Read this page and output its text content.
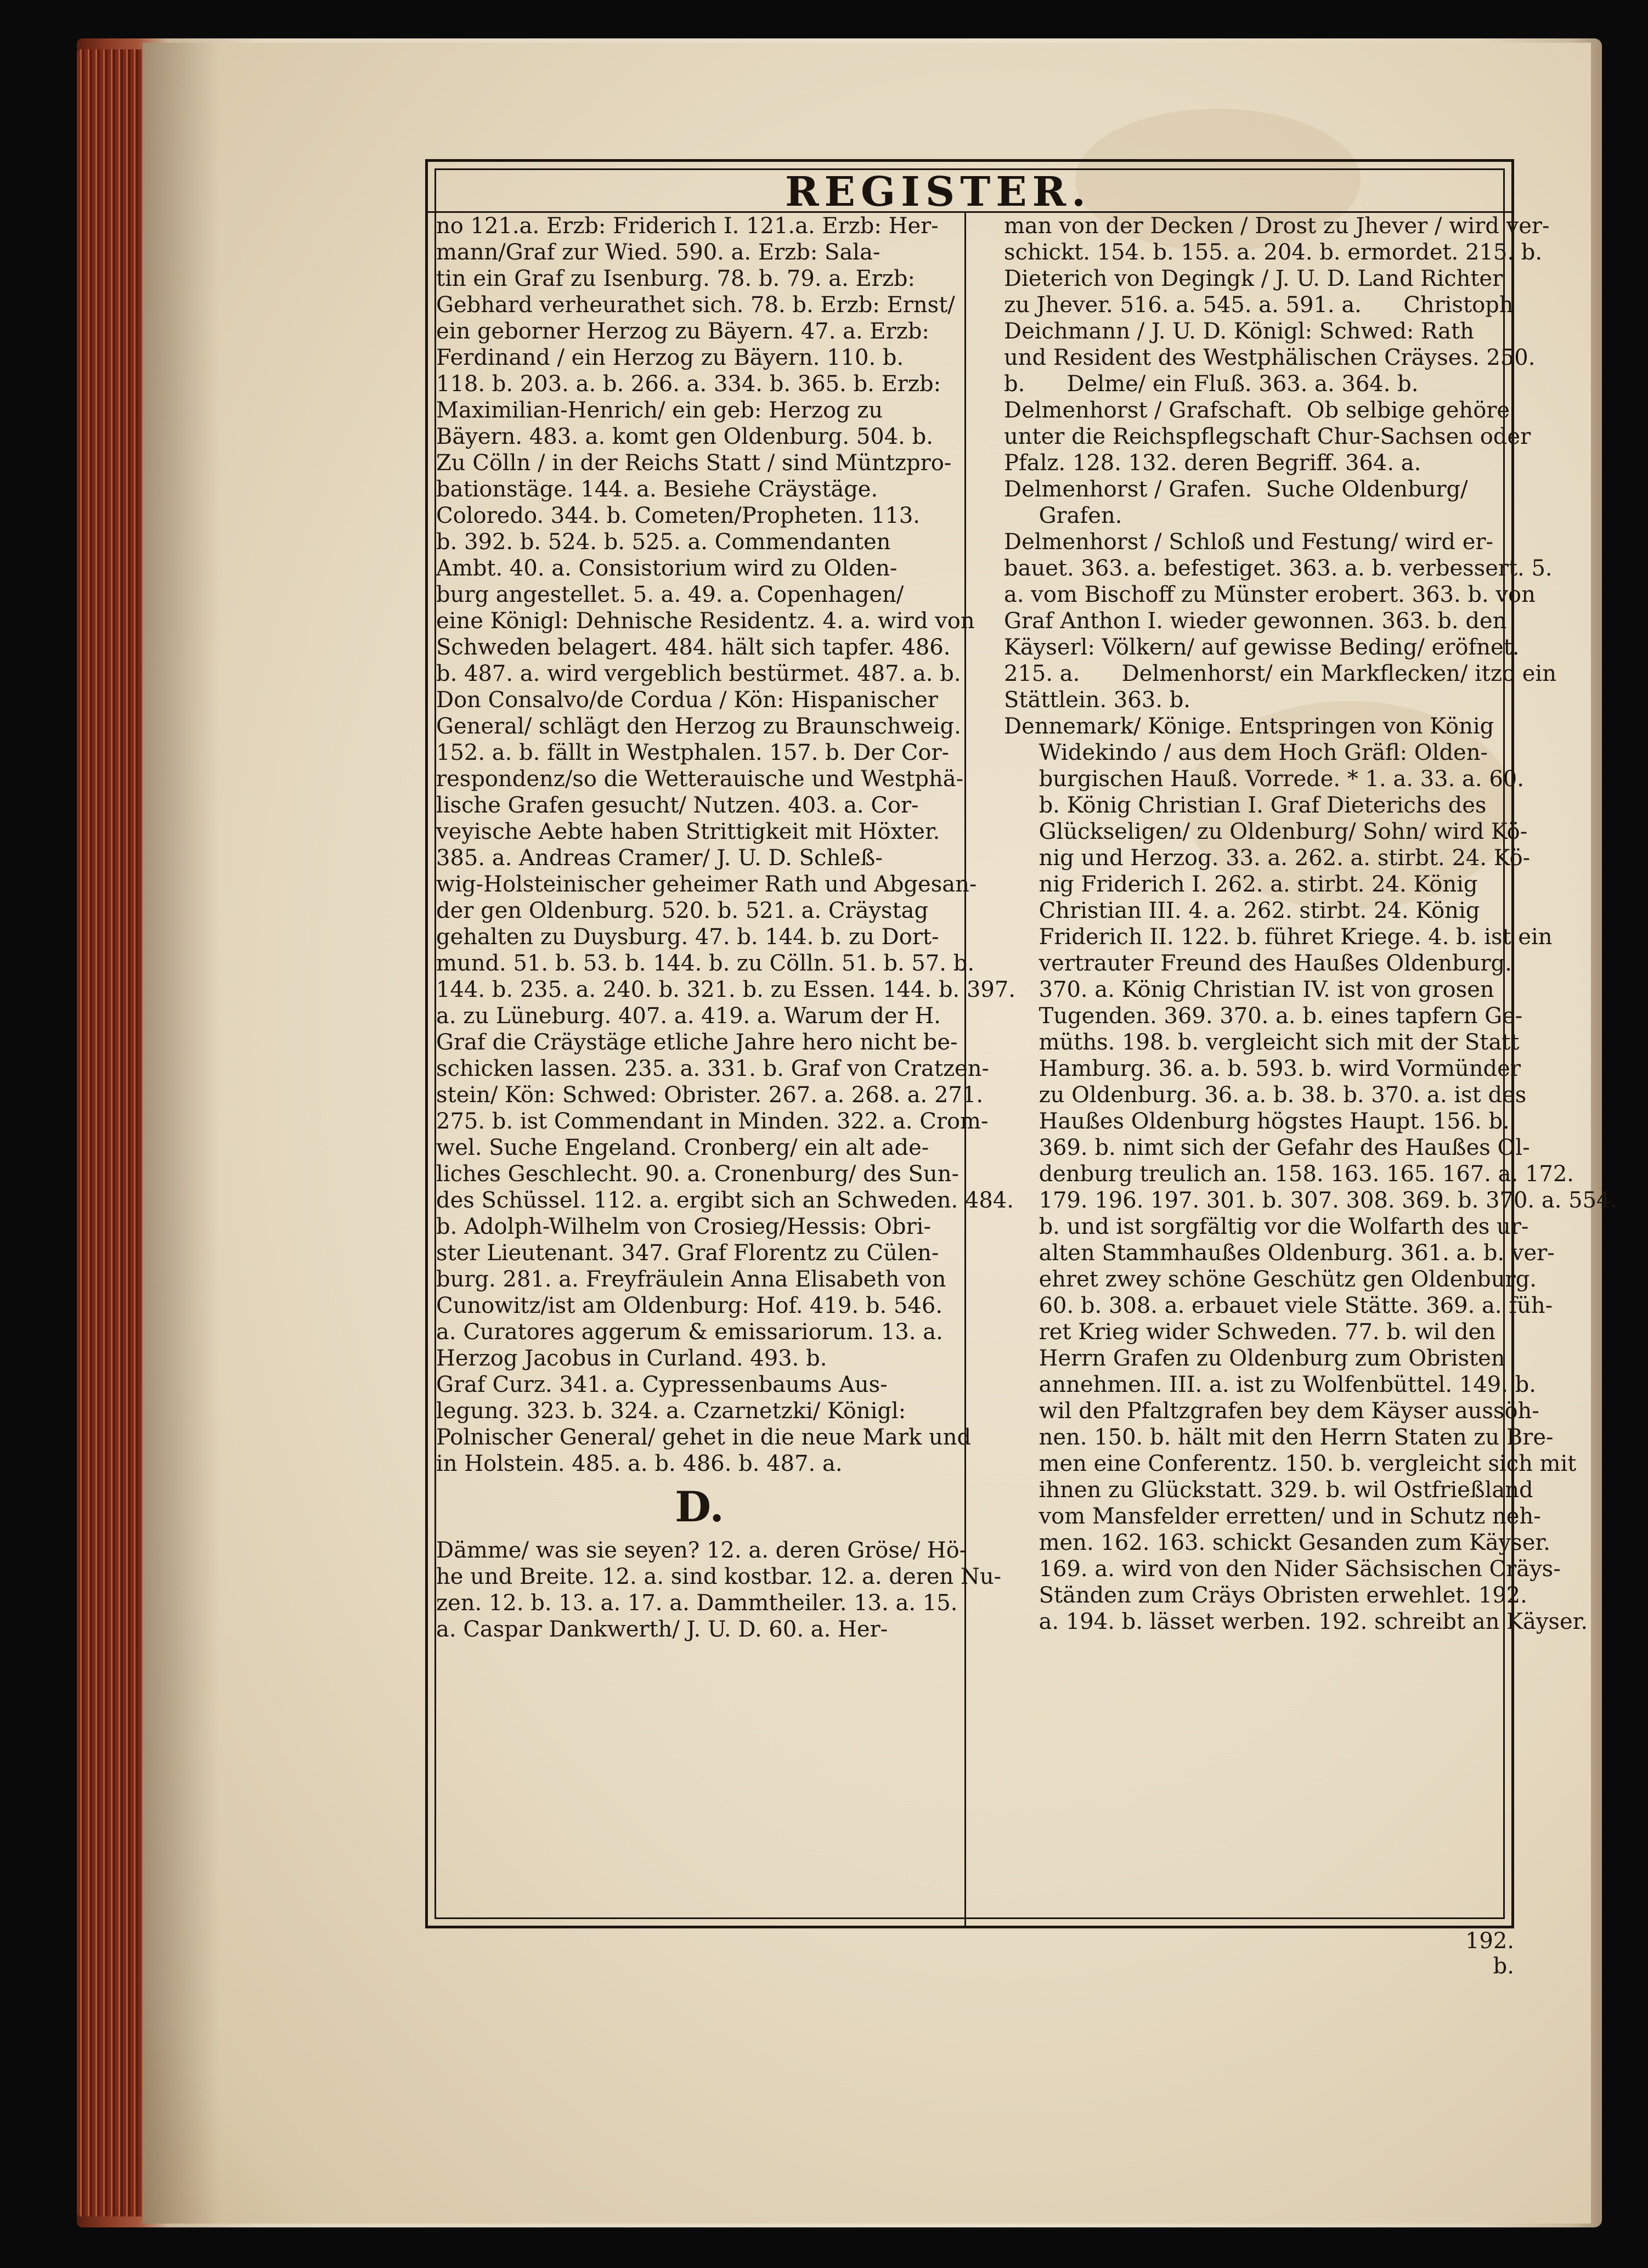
REGISTER.
no 121.a. Erzb: Friderich I. 121.a. Erzb: Her-
mann/Graf zur Wied. 590. a. Erzb: Sala-
tin ein Graf zu Isenburg. 78. b. 79. a. Erzb:
Gebhard verheurathet sich. 78. b. Erzb: Ernst/
ein geborner Herzog zu Bäyern. 47. a. Erzb:
Ferdinand / ein Herzog zu Bäyern. 110. b.
118. b. 203. a. b. 266. a. 334. b. 365. b. Erzb:
Maximilian-Henrich/ ein geb: Herzog zu
Bäyern. 483. a. komt gen Oldenburg. 504. b.
Zu Cölln / in der Reichs Statt / sind Müntzpro-
bationstäge. 144. a. Besiehe Cräystäge.
Coloredo. 344. b. Cometen/Propheten. 113.
b. 392. b. 524. b. 525. a. Commendanten
Ambt. 40. a. Consistorium wird zu Olden-
burg angestellet. 5. a. 49. a. Copenhagen/
eine Königl: Dehnische Residentz. 4. a. wird von
Schweden belagert. 484. hält sich tapfer. 486.
b. 487. a. wird vergeblich bestürmet. 487. a. b.
Don Consalvo/de Cordua / Kön: Hispanischer
General/ schlägt den Herzog zu Braunschweig.
152. a. b. fällt in Westphalen. 157. b. Der Cor-
respondenz/so die Wetterauische und Westphä-
lische Grafen gesucht/ Nutzen. 403. a. Cor-
veyische Aebte haben Strittigkeit mit Höxter.
385. a. Andreas Cramer/ J. U. D. Schleß-
wig-Holsteinischer geheimer Rath und Abgesan-
der gen Oldenburg. 520. b. 521. a. Cräystag
gehalten zu Duysburg. 47. b. 144. b. zu Dort-
mund. 51. b. 53. b. 144. b. zu Cölln. 51. b. 57. b.
144. b. 235. a. 240. b. 321. b. zu Essen. 144. b. 397.
a. zu Lüneburg. 407. a. 419. a. Warum der H.
Graf die Cräystäge etliche Jahre hero nicht be-
schicken lassen. 235. a. 331. b. Graf von Cratzen-
stein/ Kön: Schwed: Obrister. 267. a. 268. a. 271.
275. b. ist Commendant in Minden. 322. a. Crom-
wel. Suche Engeland. Cronberg/ ein alt ade-
liches Geschlecht. 90. a. Cronenburg/ des Sun-
des Schüssel. 112. a. ergibt sich an Schweden. 484.
b. Adolph-Wilhelm von Crosieg/Hessis: Obri-
ster Lieutenant. 347. Graf Florentz zu Cülen-
burg. 281. a. Freyfräulein Anna Elisabeth von
Cunowitz/ist am Oldenburg: Hof. 419. b. 546.
a. Curatores aggerum & emissariorum. 13. a.
Herzog Jacobus in Curland. 493. b.
Graf Curz. 341. a. Cypressenbaums Aus-
legung. 323. b. 324. a. Czarnetzki/ Königl:
Polnischer General/ gehet in die neue Mark und
in Holstein. 485. a. b. 486. b. 487. a.
D.
Dämme/ was sie seyen? 12. a. deren Gröse/ Hö-
he und Breite. 12. a. sind kostbar. 12. a. deren Nu-
zen. 12. b. 13. a. 17. a. Dammtheiler. 13. a. 15.
a. Caspar Dankwerth/ J. U. D. 60. a. Her-
man von der Decken / Drost zu Jhever / wird ver-
schickt. 154. b. 155. a. 204. b. ermordet. 215. b.
Dieterich von Degingk / J. U. D. Land Richter
zu Jhever. 516. a. 545. a. 591. a.      Christoph
Deichmann / J. U. D. Königl: Schwed: Rath
und Resident des Westphälischen Cräyses. 250.
b.      Delme/ ein Fluß. 363. a. 364. b.
Delmenhorst / Grafschaft.  Ob selbige gehöre
unter die Reichspflegschaft Chur-Sachsen oder
Pfalz. 128. 132. deren Begriff. 364. a.
Delmenhorst / Grafen.  Suche Oldenburg/
Grafen.
Delmenhorst / Schloß und Festung/ wird er-
bauet. 363. a. befestiget. 363. a. b. verbessert. 5.
a. vom Bischoff zu Münster erobert. 363. b. von
Graf Anthon I. wieder gewonnen. 363. b. den
Käyserl: Völkern/ auf gewisse Beding/ eröfnet.
215. a.      Delmenhorst/ ein Markflecken/ itzo ein
Stättlein. 363. b.
Dennemark/ Könige. Entspringen von König
Widekindo / aus dem Hoch Gräfl: Olden-
burgischen Hauß. Vorrede. * 1. a. 33. a. 60.
b. König Christian I. Graf Dieterichs des
Glückseligen/ zu Oldenburg/ Sohn/ wird Kö-
nig und Herzog. 33. a. 262. a. stirbt. 24. Kö-
nig Friderich I. 262. a. stirbt. 24. König
Christian III. 4. a. 262. stirbt. 24. König
Friderich II. 122. b. führet Kriege. 4. b. ist ein
vertrauter Freund des Haußes Oldenburg.
370. a. König Christian IV. ist von grosen
Tugenden. 369. 370. a. b. eines tapfern Ge-
müths. 198. b. vergleicht sich mit der Statt
Hamburg. 36. a. b. 593. b. wird Vormünder
zu Oldenburg. 36. a. b. 38. b. 370. a. ist des
Haußes Oldenburg högstes Haupt. 156. b.
369. b. nimt sich der Gefahr des Haußes Ol-
denburg treulich an. 158. 163. 165. 167. a. 172.
179. 196. 197. 301. b. 307. 308. 369. b. 370. a. 554.
b. und ist sorgfältig vor die Wolfarth des ur-
alten Stammhaußes Oldenburg. 361. a. b. ver-
ehret zwey schöne Geschütz gen Oldenburg.
60. b. 308. a. erbauet viele Stätte. 369. a. füh-
ret Krieg wider Schweden. 77. b. wil den
Herrn Grafen zu Oldenburg zum Obristen
annehmen. III. a. ist zu Wolfenbüttel. 149. b.
wil den Pfaltzgrafen bey dem Käyser aussöh-
nen. 150. b. hält mit den Herrn Staten zu Bre-
men eine Conferentz. 150. b. vergleicht sich mit
ihnen zu Glückstatt. 329. b. wil Ostfrießland
vom Mansfelder erretten/ und in Schutz neh-
men. 162. 163. schickt Gesanden zum Käyser.
169. a. wird von den Nider Sächsischen Cräys-
Ständen zum Cräys Obristen erwehlet. 192.
a. 194. b. lässet werben. 192. schreibt an Käyser.
192. b.
